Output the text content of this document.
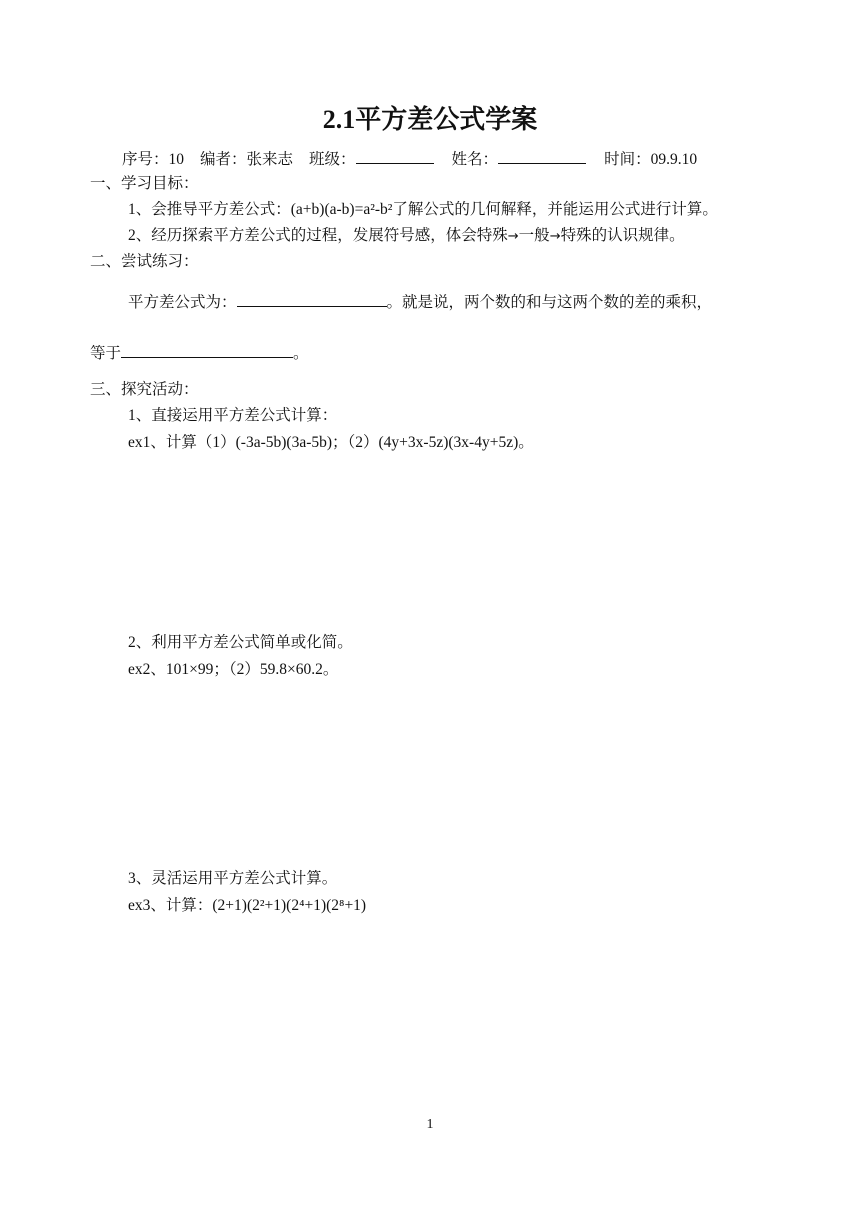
2.1平方差公式学案
序号：10 编者：张来志 班级：	姓名：	时间：09.9.10
一、学习目标：
1、会推导平方差公式：(a+b)(a-b)=a²-b²了解公式的几何解释，并能运用公式进行计算。
2、经历探索平方差公式的过程，发展符号感，体会特殊→一般→特殊的认识规律。
二、尝试练习：
平方差公式为：	。就是说，两个数的和与这两个数的差的乘积，
等于	。
三、探究活动：
1、直接运用平方差公式计算：
ex1、计算（1）(-3a-5b)(3a-5b)；（2）(4y+3x-5z)(3x-4y+5z)。
2、利用平方差公式简单或化简。
ex2、101×99；（2）59.8×60.2。
3、灵活运用平方差公式计算。
ex3、计算：(2+1)(2²+1)(2⁴+1)(2⁸+1)
1
